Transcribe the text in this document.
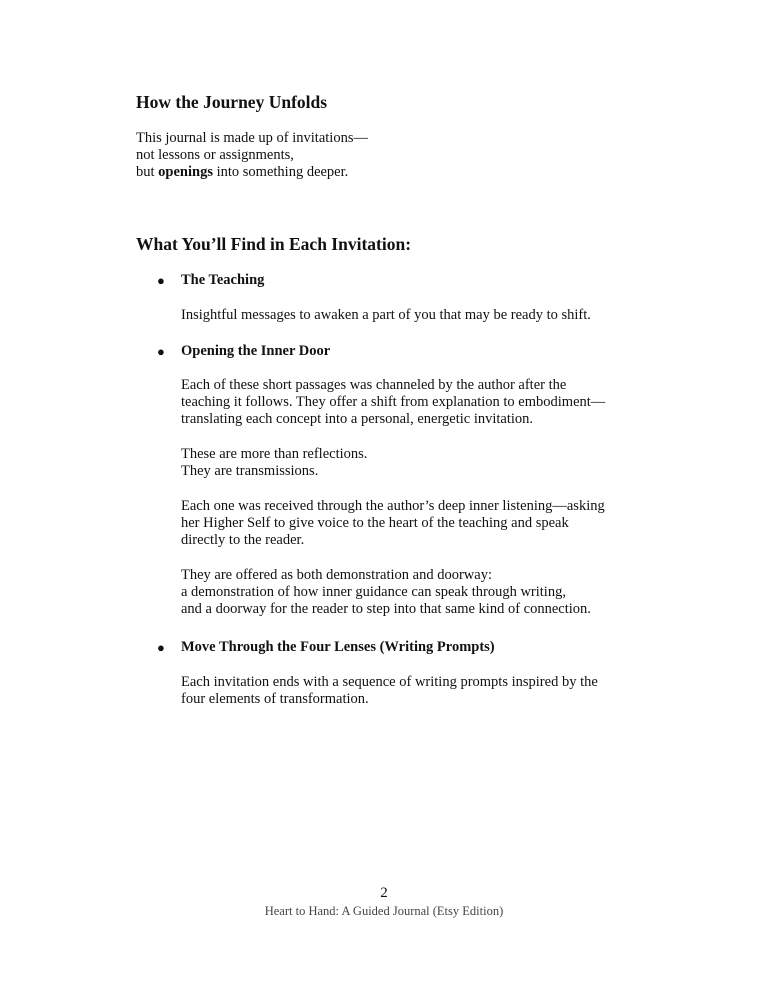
How the Journey Unfolds

This journal is made up of invitations—

not lessons or assignments,

but openings into something deeper.

What You’ll Find in Each Invitation:
● The Teaching

Insightful messages to awaken a part of you that may be ready to shift.

● Opening the Inner Door

Each of these short passages was channeled by the author after the

teaching it follows. They offer a shift from explanation to embodiment—

translating each concept into a personal, energetic invitation.

These are more than reflections.

They are transmissions.

Each one was received through the author’s deep inner listening—asking

her Higher Self to give voice to the heart of the teaching and speak

directly to the reader.

They are offered as both demonstration and doorway:

a demonstration of how inner guidance can speak through writing,

and a doorway for the reader to step into that same kind of connection.

● Move Through the Four Lenses (Writing Prompts)

Each invitation ends with a sequence of writing prompts inspired by the

four elements of transformation.

2
Heart to Hand: A Guided Journal (Etsy Edition)
